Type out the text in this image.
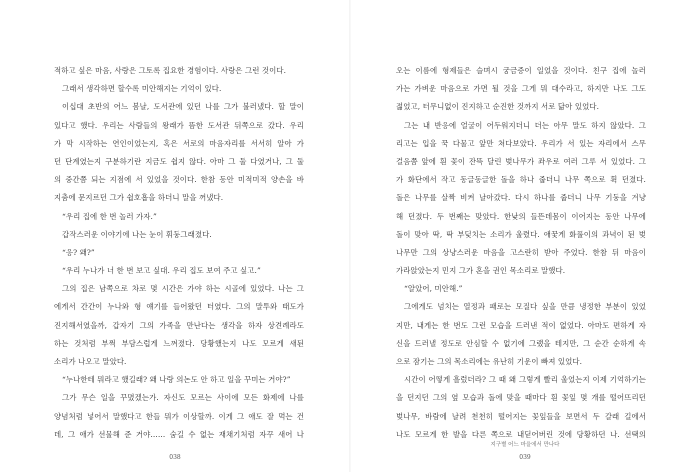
적하고 싶은 마음, 사랑은 그토록 집요한 경험이다. 사랑은 그런 것이다.
그래서 생각하면 할수록 미안해지는 기억이 있다.
이십대 초반의 어느 봄날, 도서관에 있던 나를 그가 불러냈다. 할 말이
있다고 했다. 우리는 사람들의 왕래가 뜸한 도서관 뒤쪽으로 갔다. 우리
가 막 시작하는 연인이었는지, 혹은 서로의 마음자리를 서서히 알아 가
던 단계였는지 구분하기란 지금도 쉽지 않다. 아마 그 둘 다였거나, 그 둘
의 중간쯤 되는 지점에 서 있었을 것이다. 한참 동안 미적미적 양손을 바
지춤에 문지르던 그가 쉽호흡을 하더니 말을 꺼냈다.
“우리 집에 한 번 놀러 가자.”
갑작스러운 이야기에 나는 눈이 휘둥그래졌다.
“응? 왜?”
“우리 누나가 너 한 번 보고 싶대. 우리 집도 보여 주고 싶고.”
그의 집은 남쪽으로 차로 몇 시간은 가야 하는 시골에 있었다. 나는 그
에게서 간간이 누나와 형 얘기를 들어왔던 터였다. 그의 말투와 태도가
진지해서였을까, 갑자기 그의 가족을 만난다는 생각을 하자 상견례라도
하는 것처럼 부쩍 부담스럽게 느껴졌다. 당황했는지 나도 모르게 새된
소리가 나오고 말았다.
“누나한테 뭐라고 했길래? 왜 나랑 의논도 안 하고 일을 꾸미는 거야?”
그가 무슨 일을 꾸몄겠는가. 자신도 모르는 사이에 모든 화제에 나를
양념처럼 넣어서 말했다고 한들 뭐가 이상할까. 이게 그 애도 잘 먹는 건
데, 그 애가 선물해 준 거야…… 숨길 수 없는 재채기처럼 자꾸 새어 나
038
오는 이름에 형제들은 슬며시 궁금증이 일었을 것이다. 친구 집에 놀러
가는 가벼운 마음으로 가면 될 것을 그게 뭐 대수라고, 하지만 나도 그도
젊었고, 터무니없이 진지하고 순진한 것까지 서로 닮아 있었다.
그는 내 반응에 얼굴이 어두워지더니 더는 아무 말도 하지 않았다. 그
리고는 입을 꾹 다물고 앞만 쳐다보았다. 우리가 서 있는 자리에서 스무
걸음쯤 앞에 흰 꽃이 잔뜩 달린 벚나무가 좌우로 여러 그루 서 있었다. 그
가 화단에서 작고 동글동글한 돌을 하나 줍더니 나무 쪽으로 휙 던졌다.
돌은 나무를 살짝 비켜 날아갔다. 다시 하나를 줍더니 나무 기둥을 겨냥
해 던졌다. 두 번째는 맞았다. 한낮의 들뜬데몸이 이어지는 동안 나무에
돌이 맞아 딱, 딱 부딪치는 소리가 울렸다. 애꿎게 화풀이의 과녁이 된 벚
나무만 그의 상냥스러운 마음을 고스란히 받아 주었다. 한참 뒤 마음이
가라앉았는지 민지 그가 혼을 권인 목소리로 말했다.
“알았어, 미안해.”
그에게도 넘치는 열정과 패로는 모질다 싶을 만큼 냉정한 부분이 있었
지만, 내게는 한 번도 그런 모습을 드러낸 적이 없었다. 아마도 편하게 자
신을 드러낼 정도로 안심할 수 없기에 그랬을 테지만, 그 순간 순하게 속
으로 잠기는 그의 목소리에는 유난히 기운이 빠져 있었다.
시간이 어떻게 흘렀더라? 그 때 왜 그렇게 빨리 울었는지 이제 기억하기는
을 던지던 그의 옆 모습과 돌에 맞을 때마다 흰 꽃잎 몇 개를 떨어뜨리던
벚나무, 바람에 날려 천천히 떨어지는 꽃잎들을 보면서 두 갈래 길에서
나도 모르게 한 발을 다른 쪽으로 내딛어버린 것에 당황하던 나. 선택의
지구별 어느 마을에서 만나다
039
